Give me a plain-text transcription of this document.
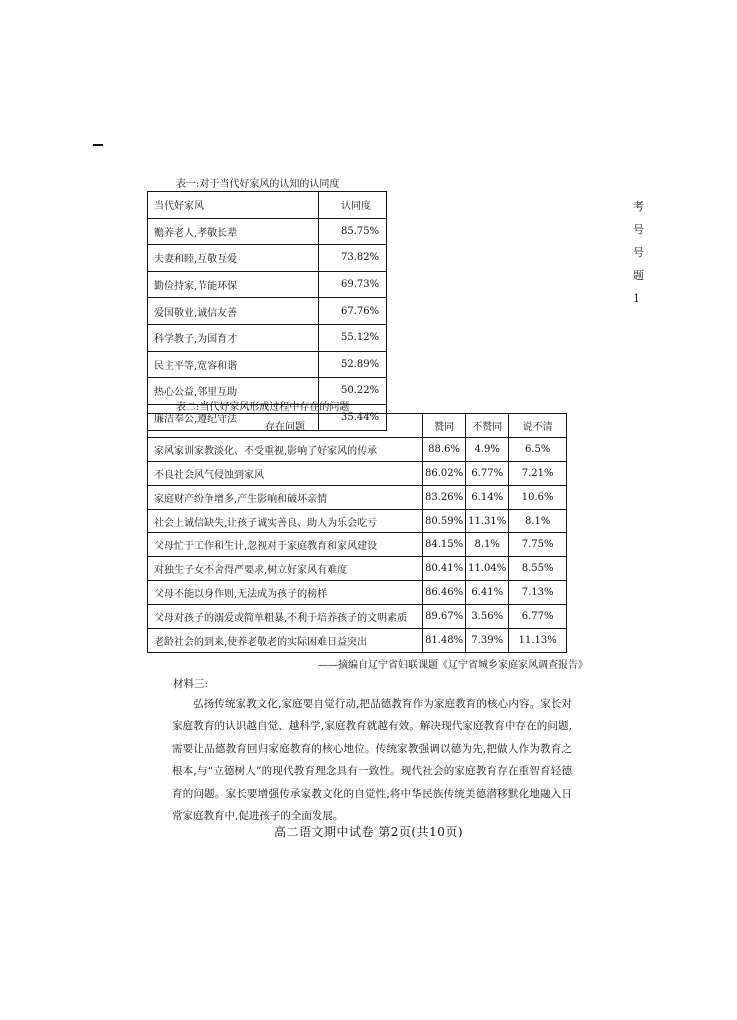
考
号
号
题
1
表一:对于当代好家风的认知的认同度
当代好家风	认同度
赡养老人,孝敬长辈	85.75%
夫妻和睦,互敬互爱	73.82%
勤俭持家,节能环保	69.73%
爱国敬业,诚信友善	67.76%
科学教子,为国育才	55.12%
民主平等,宽容和谐	52.89%
热心公益,邻里互助	50.22%
廉洁奉公,遵纪守法	35.44%
表二:当代好家风形成过程中存在的问题
存在问题	赞同	不赞同	说不清
家风家训家教淡化、不受重视,影响了好家风的传承	88.6%	4.9%	6.5%
不良社会风气侵蚀到家风	86.02%	6.77%	7.21%
家庭财产纷争增多,产生影响和破坏亲情	83.26%	6.14%	10.6%
社会上诚信缺失,让孩子诚实善良、助人为乐会吃亏	80.59%	11.31%	8.1%
父母忙于工作和生计,忽视对于家庭教育和家风建设	84.15%	8.1%	7.75%
对独生子女不舍得严要求,树立好家风有难度	80.41%	11.04%	8.55%
父母不能以身作则,无法成为孩子的榜样	86.46%	6.41%	7.13%
父母对孩子的溺爱或简单粗暴,不利于培养孩子的文明素质	89.67%	3.56%	6.77%
老龄社会的到来,使养老敬老的实际困难日益突出	81.48%	7.39%	11.13%
——摘编自辽宁省妇联课题《辽宁省城乡家庭家风调查报告》
材料三:
弘扬传统家教文化,家庭要自觉行动,把品德教育作为家庭教育的核心内容。家长对家庭教育的认识越自觉、越科学,家庭教育就越有效。解决现代家庭教育中存在的问题,需要让品德教育回归家庭教育的核心地位。传统家教强调以德为先,把做人作为教育之根本,与“立德树人”的现代教育理念具有一致性。现代社会的家庭教育存在重智育轻德育的问题。家长要增强传承家教文化的自觉性,将中华民族传统美德潜移默化地融入日常家庭教育中,促进孩子的全面发展。
高二语文期中试卷 第2页(共10页)
